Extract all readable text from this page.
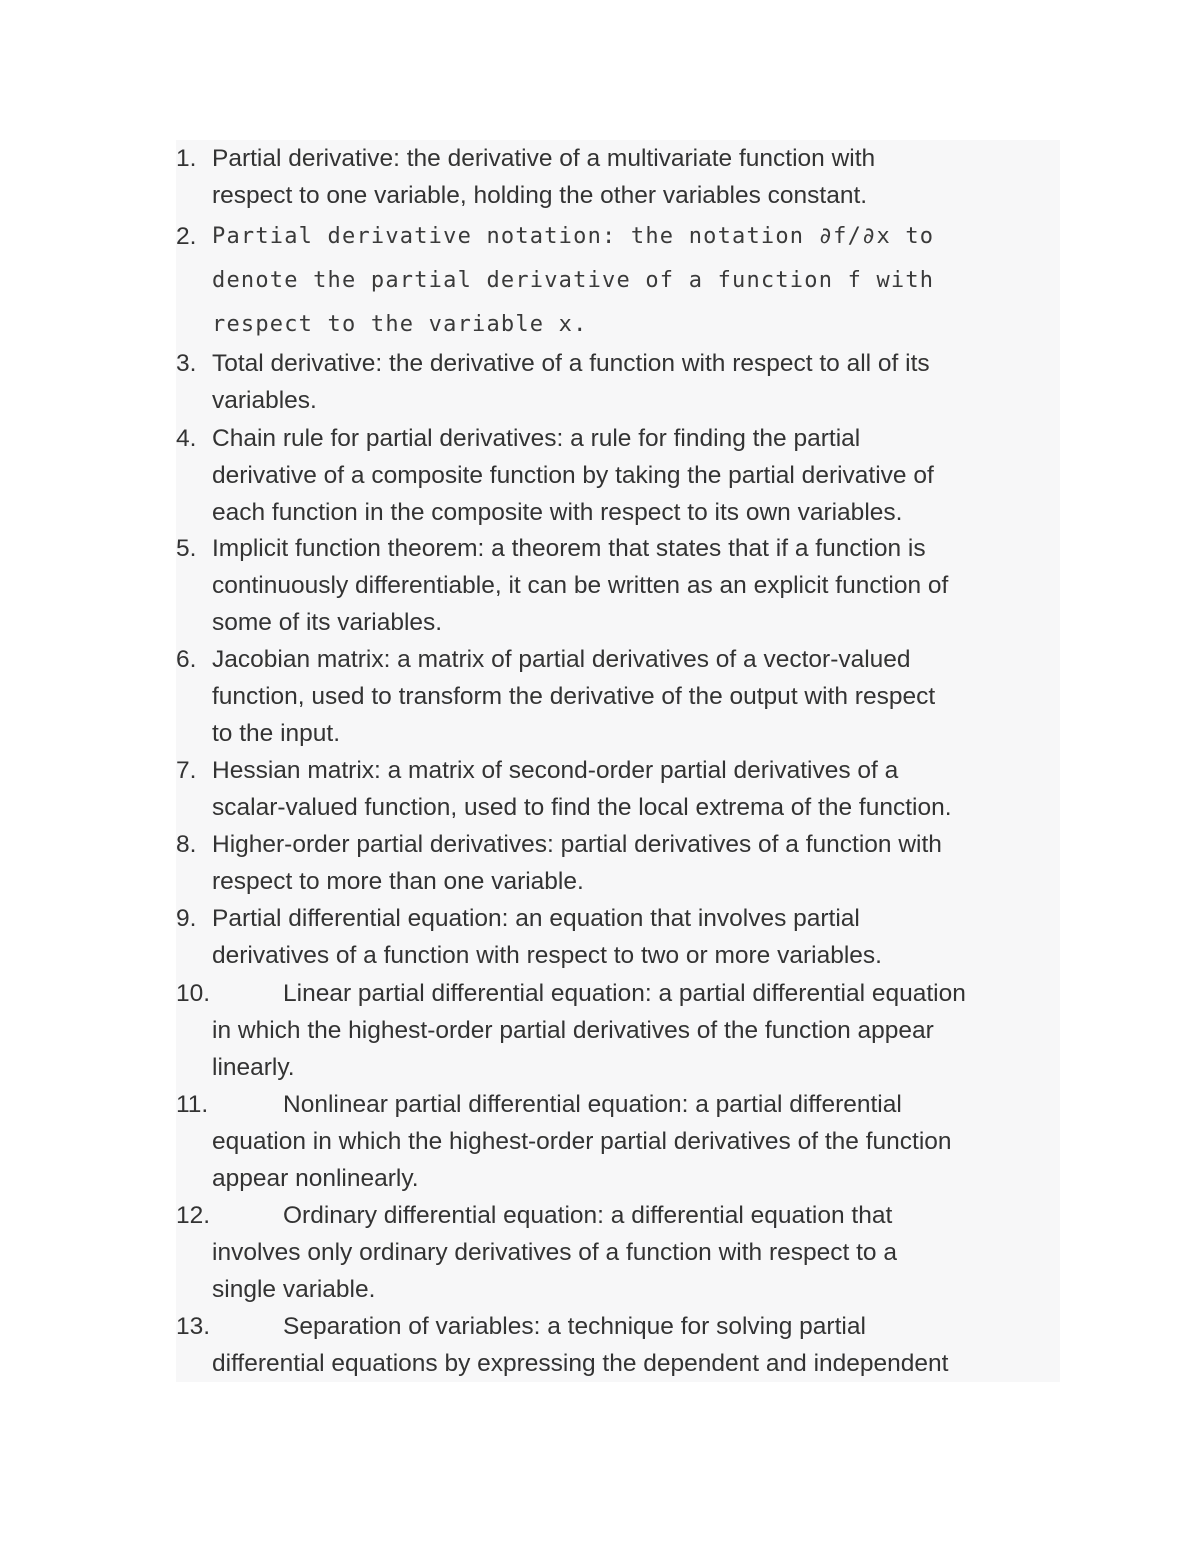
1. Partial derivative: the derivative of a multivariate function with
respect to one variable, holding the other variables constant.
2. Partial derivative notation: the notation ∂f/∂x to
denote the partial derivative of a function f with
respect to the variable x.
3. Total derivative: the derivative of a function with respect to all of its
variables.
4. Chain rule for partial derivatives: a rule for finding the partial
derivative of a composite function by taking the partial derivative of
each function in the composite with respect to its own variables.
5. Implicit function theorem: a theorem that states that if a function is
continuously differentiable, it can be written as an explicit function of
some of its variables.
6. Jacobian matrix: a matrix of partial derivatives of a vector-valued
function, used to transform the derivative of the output with respect
to the input.
7. Hessian matrix: a matrix of second-order partial derivatives of a
scalar-valued function, used to find the local extrema of the function.
8. Higher-order partial derivatives: partial derivatives of a function with
respect to more than one variable.
9. Partial differential equation: an equation that involves partial
derivatives of a function with respect to two or more variables.
10.	Linear partial differential equation: a partial differential equation
in which the highest-order partial derivatives of the function appear
linearly.
11.	Nonlinear partial differential equation: a partial differential
equation in which the highest-order partial derivatives of the function
appear nonlinearly.
12.	Ordinary differential equation: a differential equation that
involves only ordinary derivatives of a function with respect to a
single variable.
13.	Separation of variables: a technique for solving partial
differential equations by expressing the dependent and independent
